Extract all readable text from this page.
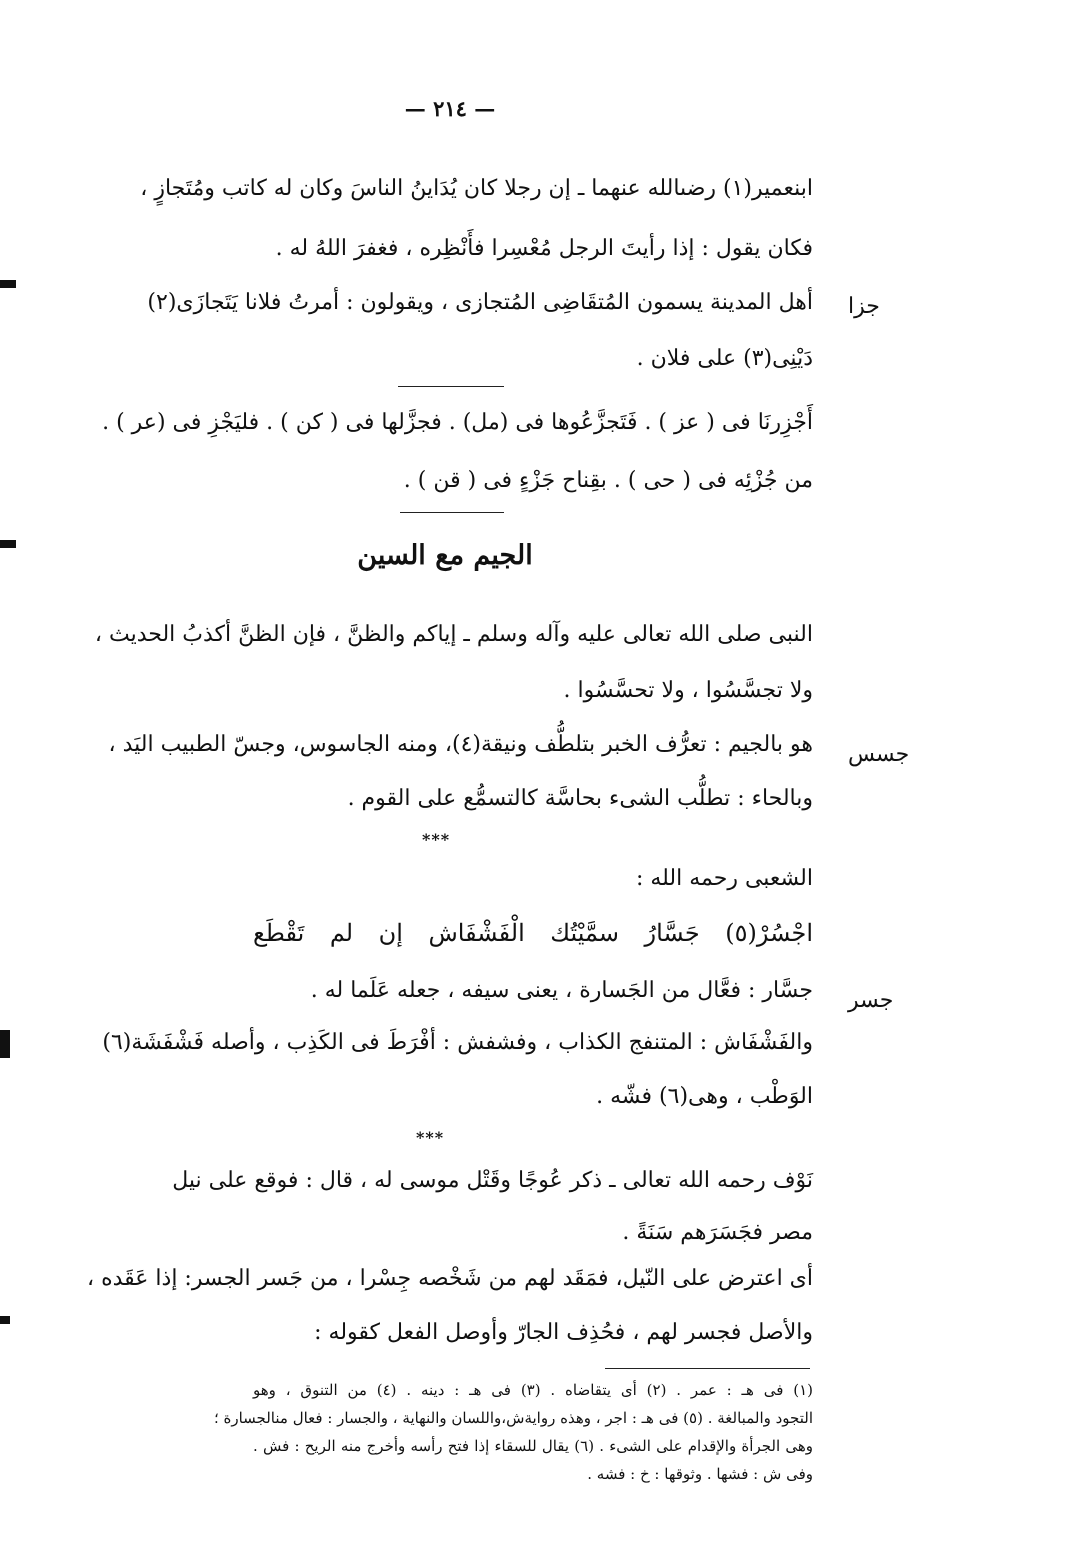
— ٢١٤ —
ابنعمير(١) رضىالله عنهما ـ إن رجلا كان يُدَاينُ الناسَ وكان له كاتب ومُتَجازٍ ،
فكان يقول : إذا رأيتَ الرجل مُعْسِرا فأَنْظِره ، فغفرَ اللهُ له .
جزا
أهل المدينة يسمون المُتقَاضِى المُتجازى ، ويقولون : أمرتُ فلانا يَتَجازَى(٢)
دَيْنِى(٣) على فلان .
أَجْزِرنَا فى ( عز ) . فَتَجزَّعُوها فى (مل) . فجزَّلها فى ( كن ) . فليَجْزِ فى (عر ) .
من جُزْئِه فى ( حى ) . بقِناح جَزْءٍ فى ( قن ) .
الجيم مع السين
النبى صلى الله تعالى عليه وآله وسلم ـ إياكم والظنَّ ، فإن الظنَّ أكذبُ الحديث ،
ولا تجسَّسُوا ، ولا تحسَّسُوا .
جسس
هو بالجيم : تعرُّف الخبر بتلطُّف ونيقة(٤)، ومنه الجاسوس، وجسّ الطبيب اليَد ،
وبالحاء : تطلُّب الشىء بحاسَّة كالتسمُّع على القوم .
***
الشعبى رحمه الله :
اجْسُرْ(٥) جَسَّارُ سمَّيْتُك الْفَشْفَاش إن لم تَقْطَع
جسر
جسَّار : فعَّال من الجَسارة ، يعنى سيفه ، جعله عَلَما له .
والفَشْفَاش : المتنفج الكذاب ، وفشفش : أفْرَطَ فى الكَذِب ، وأصله فَشْفَشَة(٦)
الوَطْب ، وهى(٦) فشّه .
***
نَوْف رحمه الله تعالى ـ ذكر عُوجًا وقَتْل موسى له ، قال : فوقع على نيل
مصر فجَسَرَهم سَنَةً .
أى اعترض على النّيل، فمَقَد لهم من شَخْصه جِسْرا ، من جَسر الجسر: إذا عَقَده ،
والأصل فجسر لهم ، فحُذِف الجارّ وأوصل الفعل كقوله :
(١) فى هـ : عمر . (٢) أى يتقاضاه . (٣) فى هـ : دينه . (٤) من التنوق ، وهو
التجود والمبالغة . (٥) فى هـ : اجر ، وهذه روايةش،واللسان والنهاية ، والجسار : فعال منالجسارة ؛
وهى الجرأة والإقدام على الشىء . (٦) يقال للسقاء إذا فتح رأسه وأخرج منه الريح : فش .
وفى ش : فشها . وثوقها : خ : فشه .
